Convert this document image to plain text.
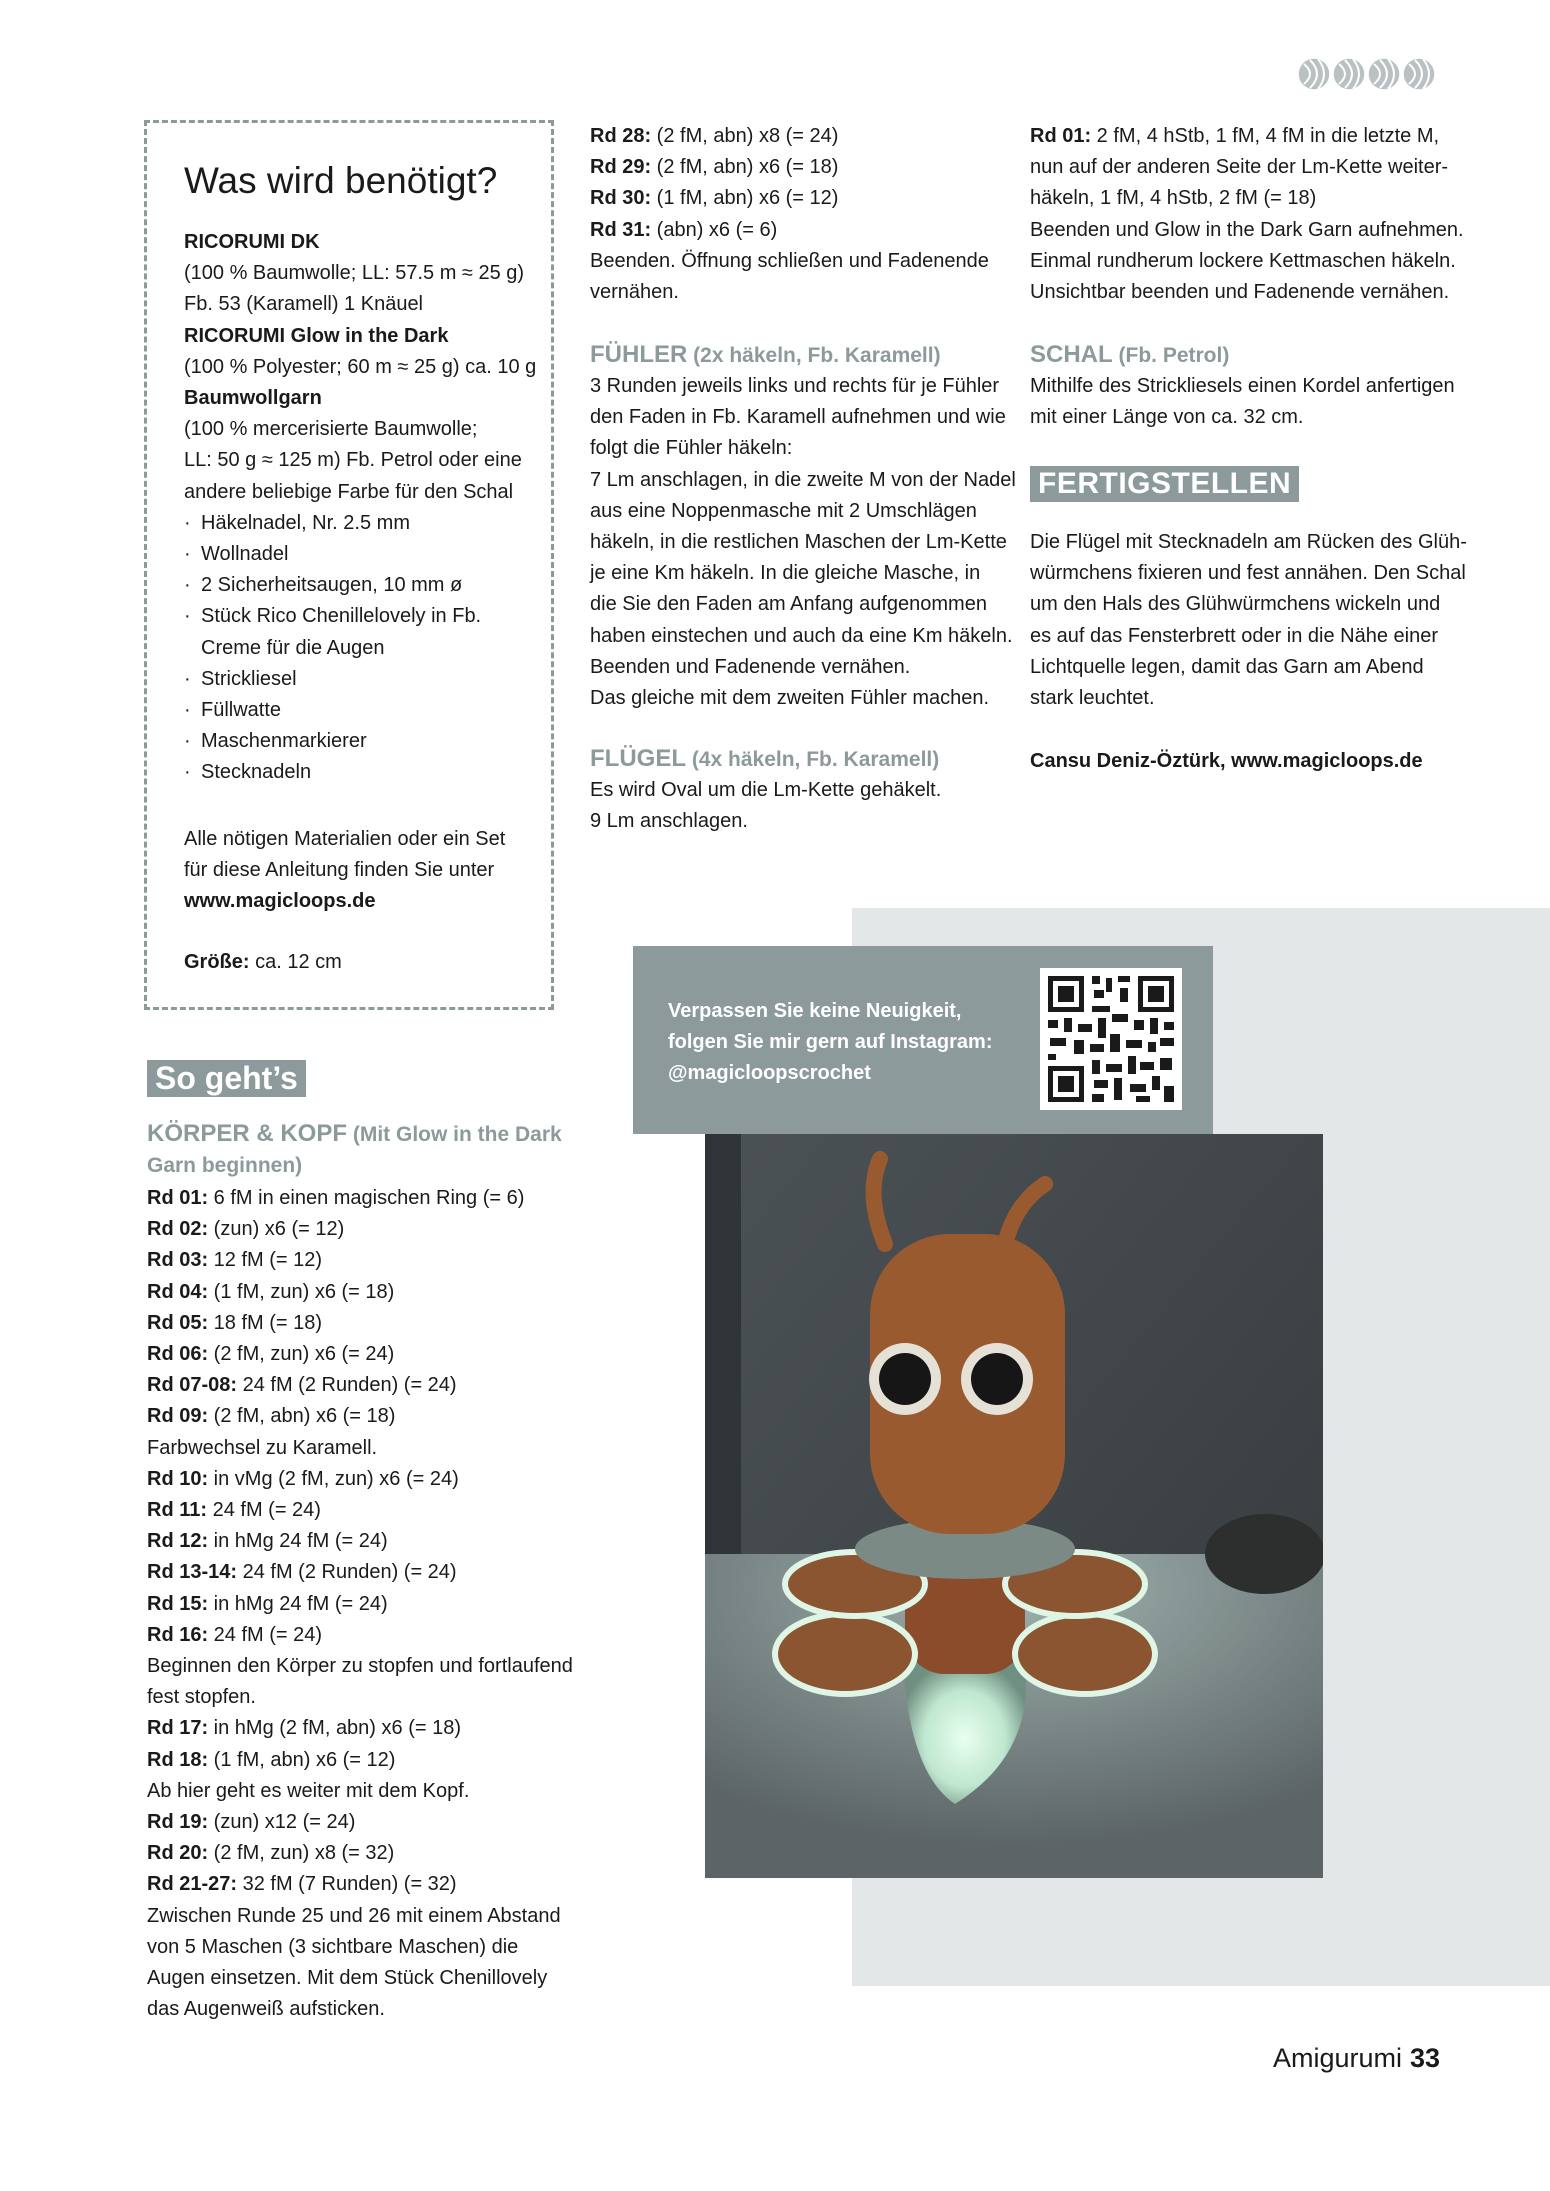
Was wird benötigt?
RICORUMI DK
(100 % Baumwolle; LL: 57.5 m ≈ 25 g)
Fb. 53 (Karamell) 1 Knäuel
RICORUMI Glow in the Dark
(100 % Polyester; 60 m ≈ 25 g) ca. 10 g
Baumwollgarn
(100 % mercerisierte Baumwolle;
LL: 50 g ≈ 125 m) Fb. Petrol oder eine
andere beliebige Farbe für den Schal
· Häkelnadel, Nr. 2.5 mm
· Wollnadel
· 2 Sicherheitsaugen, 10 mm ø
· Stück Rico Chenillelovely in Fb.
Creme für die Augen
· Strickliesel
· Füllwatte
· Maschenmarkierer
· Stecknadeln
Alle nötigen Materialien oder ein Set
für diese Anleitung finden Sie unter
www.magicloops.de
Größe: ca. 12 cm
So geht’s
KÖRPER & KOPF (Mit Glow in the Dark
Garn beginnen)
Rd 01: 6 fM in einen magischen Ring (= 6)
Rd 02: (zun) x6 (= 12)
Rd 03: 12 fM (= 12)
Rd 04: (1 fM, zun) x6 (= 18)
Rd 05: 18 fM (= 18)
Rd 06: (2 fM, zun) x6 (= 24)
Rd 07-08: 24 fM (2 Runden) (= 24)
Rd 09: (2 fM, abn) x6 (= 18)
Farbwechsel zu Karamell.
Rd 10: in vMg (2 fM, zun) x6 (= 24)
Rd 11: 24 fM (= 24)
Rd 12: in hMg 24 fM (= 24)
Rd 13-14: 24 fM (2 Runden) (= 24)
Rd 15: in hMg 24 fM (= 24)
Rd 16: 24 fM (= 24)
Beginnen den Körper zu stopfen und fortlaufend
fest stopfen.
Rd 17: in hMg (2 fM, abn) x6 (= 18)
Rd 18: (1 fM, abn) x6 (= 12)
Ab hier geht es weiter mit dem Kopf.
Rd 19: (zun) x12 (= 24)
Rd 20: (2 fM, zun) x8 (= 32)
Rd 21-27: 32 fM (7 Runden) (= 32)
Zwischen Runde 25 und 26 mit einem Abstand
von 5 Maschen (3 sichtbare Maschen) die
Augen einsetzen. Mit dem Stück Chenillovely
das Augenweiß aufsticken.
Rd 28: (2 fM, abn) x8 (= 24)
Rd 29: (2 fM, abn) x6 (= 18)
Rd 30: (1 fM, abn) x6 (= 12)
Rd 31: (abn) x6 (= 6)
Beenden. Öffnung schließen und Fadenende
vernähen.
FÜHLER (2x häkeln, Fb. Karamell)
3 Runden jeweils links und rechts für je Fühler
den Faden in Fb. Karamell aufnehmen und wie
folgt die Fühler häkeln:
7 Lm anschlagen, in die zweite M von der Nadel
aus eine Noppenmasche mit 2 Umschlägen
häkeln, in die restlichen Maschen der Lm-Kette
je eine Km häkeln. In die gleiche Masche, in
die Sie den Faden am Anfang aufgenommen
haben einstechen und auch da eine Km häkeln.
Beenden und Fadenende vernähen.
Das gleiche mit dem zweiten Fühler machen.
FLÜGEL (4x häkeln, Fb. Karamell)
Es wird Oval um die Lm-Kette gehäkelt.
9 Lm anschlagen.
Rd 01: 2 fM, 4 hStb, 1 fM, 4 fM in die letzte M,
nun auf der anderen Seite der Lm-Kette weiter-
häkeln, 1 fM, 4 hStb, 2 fM (= 18)
Beenden und Glow in the Dark Garn aufnehmen.
Einmal rundherum lockere Kettmaschen häkeln.
Unsichtbar beenden und Fadenende vernähen.
SCHAL (Fb. Petrol)
Mithilfe des Strickliesels einen Kordel anfertigen
mit einer Länge von ca. 32 cm.
FERTIGSTELLEN
Die Flügel mit Stecknadeln am Rücken des Glüh-
würmchens fixieren und fest annähen. Den Schal
um den Hals des Glühwürmchens wickeln und
es auf das Fensterbrett oder in die Nähe einer
Lichtquelle legen, damit das Garn am Abend
stark leuchtet.
Cansu Deniz-Öztürk, www.magicloops.de
Verpassen Sie keine Neuigkeit,
folgen Sie mir gern auf Instagram:
@magicloopscrochet
Amigurumi 33
